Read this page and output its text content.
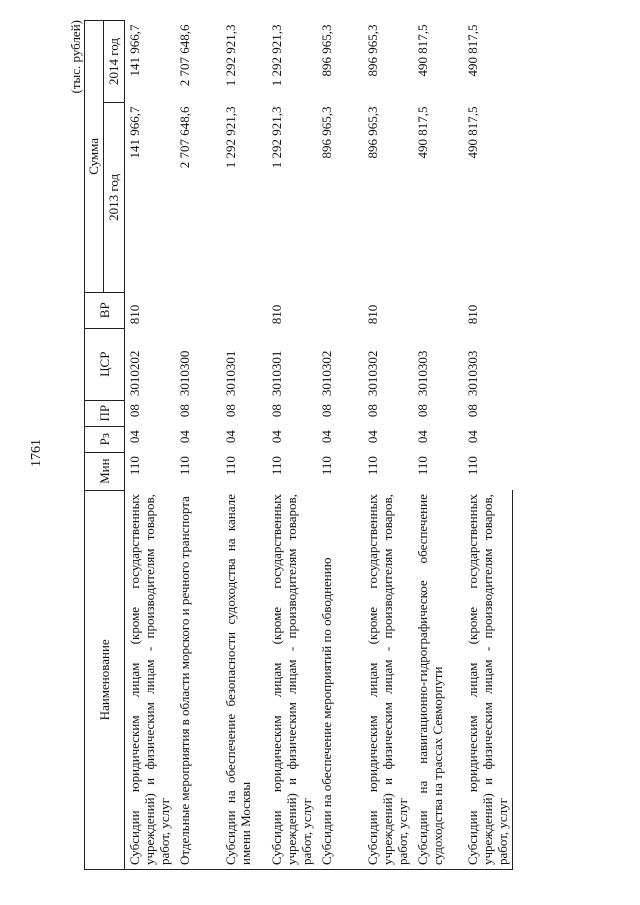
1761
(тыс. рублей)
Наименование	Мин	Рз	ПР	ЦСР	ВР	Сумма	
						2013 год	2014 год
Субсидии юридическим лицам (кроме государственных учреждений) и физическим лицам - производителям товаров, работ, услуг	110	04	08	3010202	810	141 966,7	141 966,7
Отдельные мероприятия в области морского и речного транспорта	110	04	08	3010300		2 707 648,6	2 707 648,6
Субсидии на обеспечение безопасности судоходства на канале имени Москвы	110	04	08	3010301		1 292 921,3	1 292 921,3
Субсидии юридическим лицам (кроме государственных учреждений) и физическим лицам - производителям товаров, работ, услуг	110	04	08	3010301	810	1 292 921,3	1 292 921,3
Субсидии на обеспечение мероприятий по обводнению	110	04	08	3010302		896 965,3	896 965,3
Субсидии юридическим лицам (кроме государственных учреждений) и физическим лицам - производителям товаров, работ, услуг	110	04	08	3010302	810	896 965,3	896 965,3
Субсидии на навигационно-гидрографическое обеспечение судоходства на трассах Севморпути	110	04	08	3010303		490 817,5	490 817,5
Субсидии юридическим лицам (кроме государственных учреждений) и физическим лицам - производителям товаров, работ, услуг	110	04	08	3010303	810	490 817,5	490 817,5
